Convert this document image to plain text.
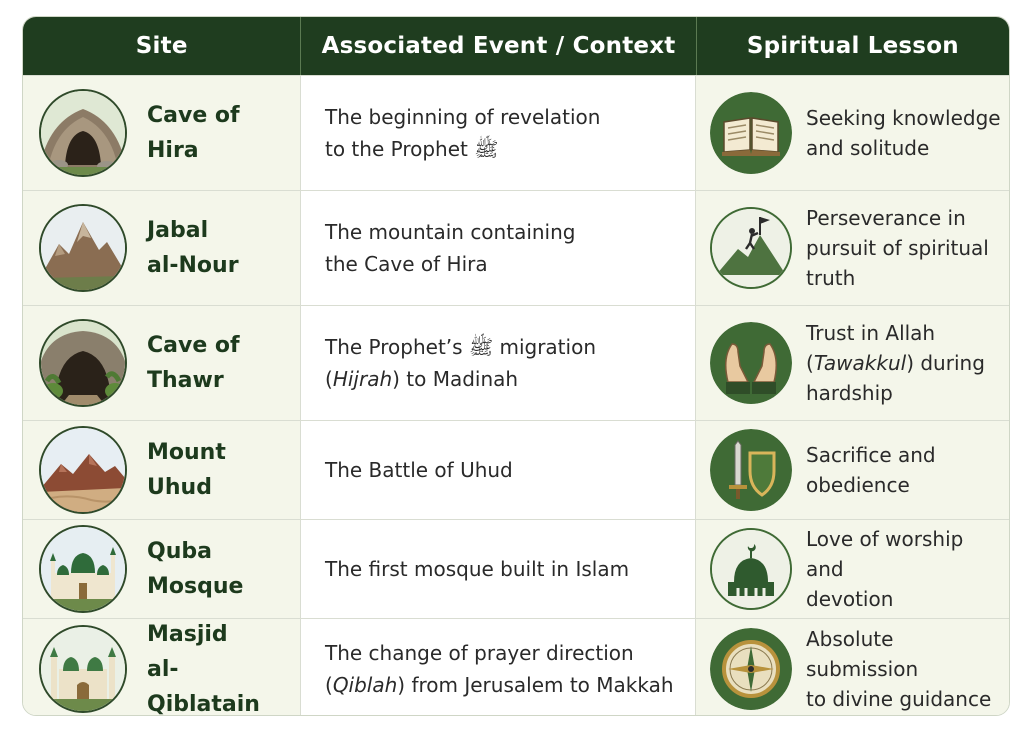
Site	Associated Event / Context	Spiritual Lesson
Cave of Hira
The beginning of revelation
to the Prophet ﷺ
Seeking knowledge
and solitude
Jabal
al-Nour
The mountain containing
the Cave of Hira
Perseverance in
pursuit of spiritual
truth
Cave of
Thawr
The Prophet’s ﷺ migration
(Hijrah) to Madinah
Trust in Allah
(Tawakkul) during
hardship
Mount Uhud
The Battle of Uhud
Sacrifice and
obedience
Quba
Mosque
The first mosque built in Islam
Love of worship and
devotion
Masjid
al-Qiblatain
The change of prayer direction
(Qiblah) from Jerusalem to Makkah
Absolute submission
to divine guidance
